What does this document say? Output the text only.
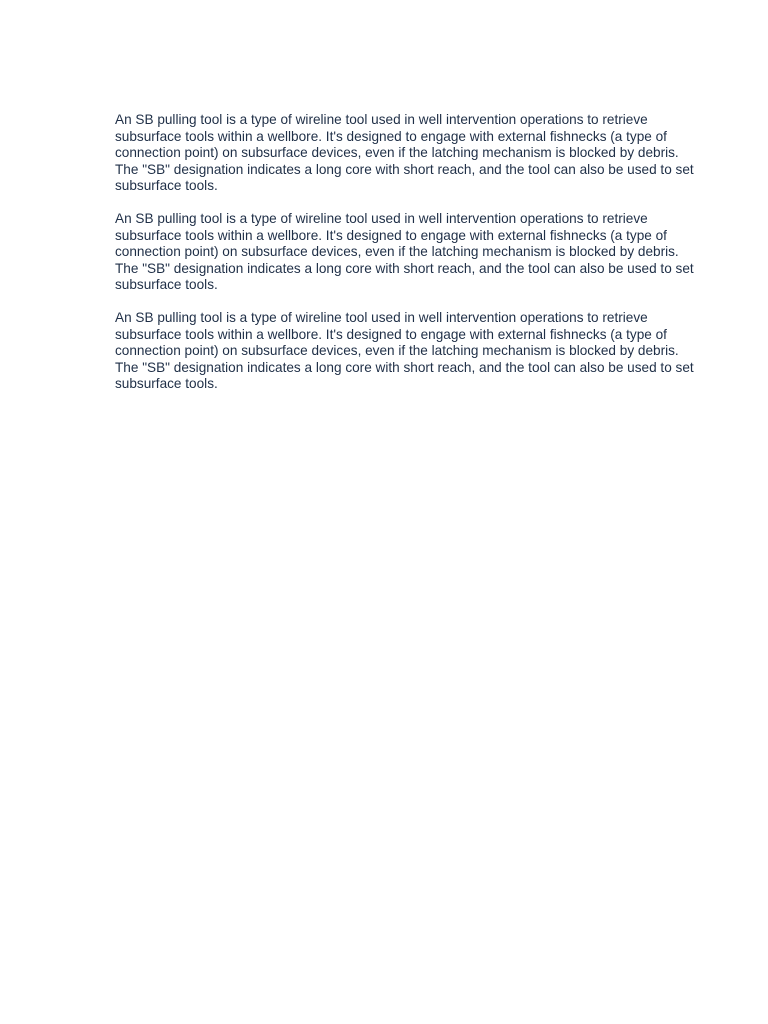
An SB pulling tool is a type of wireline tool used in well intervention operations to retrieve subsurface tools within a wellbore. It's designed to engage with external fishnecks (a type of connection point) on subsurface devices, even if the latching mechanism is blocked by debris. The "SB" designation indicates a long core with short reach, and the tool can also be used to set subsurface tools.

An SB pulling tool is a type of wireline tool used in well intervention operations to retrieve subsurface tools within a wellbore. It's designed to engage with external fishnecks (a type of connection point) on subsurface devices, even if the latching mechanism is blocked by debris. The "SB" designation indicates a long core with short reach, and the tool can also be used to set subsurface tools.

An SB pulling tool is a type of wireline tool used in well intervention operations to retrieve subsurface tools within a wellbore. It's designed to engage with external fishnecks (a type of connection point) on subsurface devices, even if the latching mechanism is blocked by debris. The "SB" designation indicates a long core with short reach, and the tool can also be used to set subsurface tools.
